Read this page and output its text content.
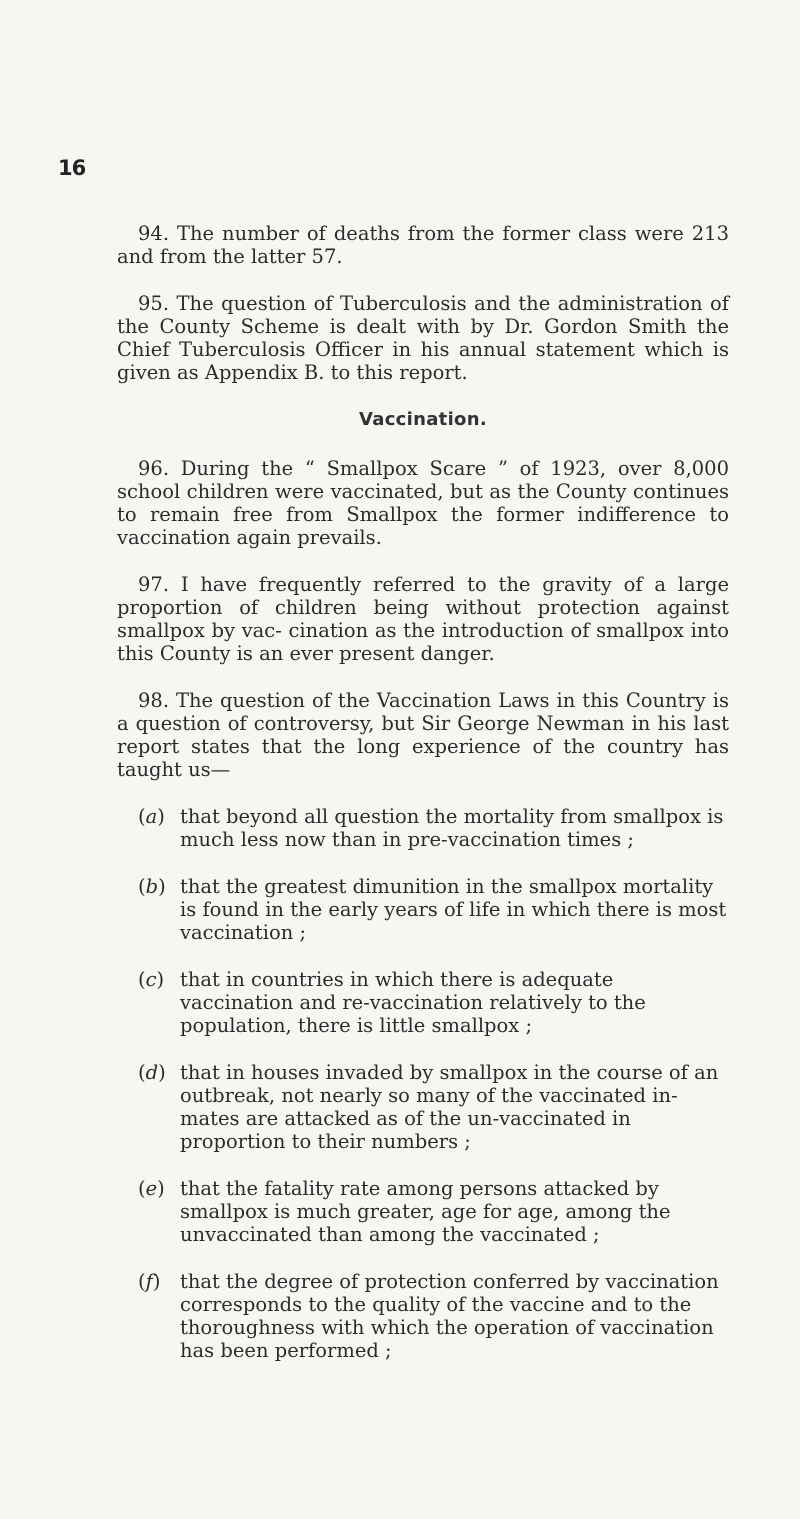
16

94. The number of deaths from the former class were 213 and from the latter 57.

95. The question of Tuberculosis and the administration of the County Scheme is dealt with by Dr. Gordon Smith the Chief Tuberculosis Officer in his annual statement which is given as Appendix B. to this report.

Vaccination.

96. During the “ Smallpox Scare ” of 1923, over 8,000 school children were vaccinated, but as the County continues to remain free from Smallpox the former indifference to vaccination again prevails.

97. I have frequently referred to the gravity of a large proportion of children being without protection against smallpox by vac- cination as the introduction of smallpox into this County is an ever present danger.

98. The question of the Vaccination Laws in this Country is a question of controversy, but Sir George Newman in his last report states that the long experience of the country has taught us—

(a) that beyond all question the mortality from smallpox is much less now than in pre-vaccination times ;
(b) that the greatest dimunition in the smallpox mortality is found in the early years of life in which there is most vaccination ;
(c) that in countries in which there is adequate vaccination and re-vaccination relatively to the population, there is little smallpox ;
(d) that in houses invaded by smallpox in the course of an outbreak, not nearly so many of the vaccinated in- mates are attacked as of the un-vaccinated in proportion to their numbers ;
(e) that the fatality rate among persons attacked by smallpox is much greater, age for age, among the unvaccinated than among the vaccinated ;
(f) that the degree of protection conferred by vaccination corresponds to the quality of the vaccine and to the thoroughness with which the operation of vaccination has been performed ;
